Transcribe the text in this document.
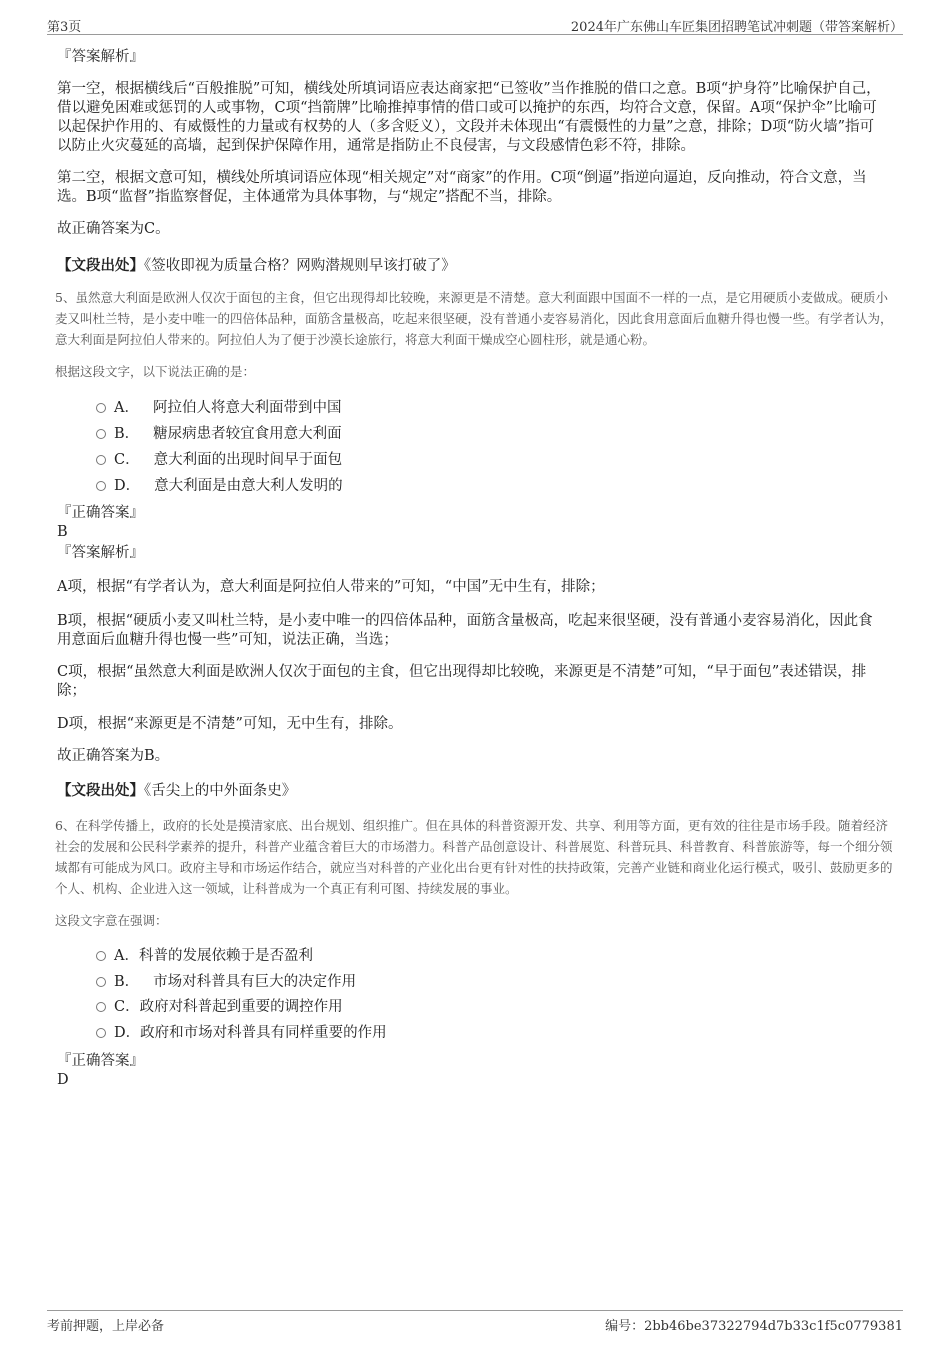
第3页	2024年广东佛山车匠集团招聘笔试冲刺题（带答案解析）

『答案解析』

第一空，根据横线后“百般推脱”可知，横线处所填词语应表达商家把“已签收”当作推脱的借口之意。B项“护身符”比喻保护自己，借以避免困难或惩罚的人或事物，C项“挡箭牌”比喻推掉事情的借口或可以掩护的东西，均符合文意，保留。A项“保护伞”比喻可以起保护作用的、有威慑性的力量或有权势的人（多含贬义），文段并未体现出“有震慑性的力量”之意，排除；D项“防火墙”指可以防止火灾蔓延的高墙，起到保护保障作用，通常是指防止不良侵害，与文段感情色彩不符，排除。

第二空，根据文意可知，横线处所填词语应体现“相关规定”对“商家”的作用。C项“倒逼”指逆向逼迫，反向推动，符合文意，当选。B项“监督”指监察督促，主体通常为具体事物，与“规定”搭配不当，排除。

故正确答案为C。

【文段出处】《签收即视为质量合格？网购潜规则早该打破了》

5、虽然意大利面是欧洲人仅次于面包的主食，但它出现得却比较晚，来源更是不清楚。意大利面跟中国面不一样的一点，是它用硬质小麦做成。硬质小麦又叫杜兰特，是小麦中唯一的四倍体品种，面筋含量极高，吃起来很坚硬，没有普通小麦容易消化，因此食用意面后血糖升得也慢一些。有学者认为，意大利面是阿拉伯人带来的。阿拉伯人为了便于沙漠长途旅行，将意大利面干燥成空心圆柱形，就是通心粉。

根据这段文字，以下说法正确的是：

A． 阿拉伯人将意大利面带到中国
B． 糖尿病患者较宜食用意大利面
C． 意大利面的出现时间早于面包
D． 意大利面是由意大利人发明的

『正确答案』

B

『答案解析』

A项，根据“有学者认为，意大利面是阿拉伯人带来的”可知，“中国”无中生有，排除；

B项，根据“硬质小麦又叫杜兰特，是小麦中唯一的四倍体品种，面筋含量极高，吃起来很坚硬，没有普通小麦容易消化，因此食用意面后血糖升得也慢一些”可知，说法正确，当选；

C项，根据“虽然意大利面是欧洲人仅次于面包的主食，但它出现得却比较晚，来源更是不清楚”可知，“早于面包”表述错误，排除；

D项，根据“来源更是不清楚”可知，无中生有，排除。

故正确答案为B。

【文段出处】《舌尖上的中外面条史》

6、在科学传播上，政府的长处是摸清家底、出台规划、组织推广。但在具体的科普资源开发、共享、利用等方面，更有效的往往是市场手段。随着经济社会的发展和公民科学素养的提升，科普产业蕴含着巨大的市场潜力。科普产品创意设计、科普展览、科普玩具、科普教育、科普旅游等，每一个细分领域都有可能成为风口。政府主导和市场运作结合，就应当对科普的产业化出台更有针对性的扶持政策，完善产业链和商业化运行模式，吸引、鼓励更多的个人、机构、企业进入这一领域，让科普成为一个真正有利可图、持续发展的事业。

这段文字意在强调：

A．科普的发展依赖于是否盈利
B． 市场对科普具有巨大的决定作用
C．政府对科普起到重要的调控作用
D．政府和市场对科普具有同样重要的作用

『正确答案』

D

考前押题，上岸必备	编号：2bb46be37322794d7b33c1f5c0779381
